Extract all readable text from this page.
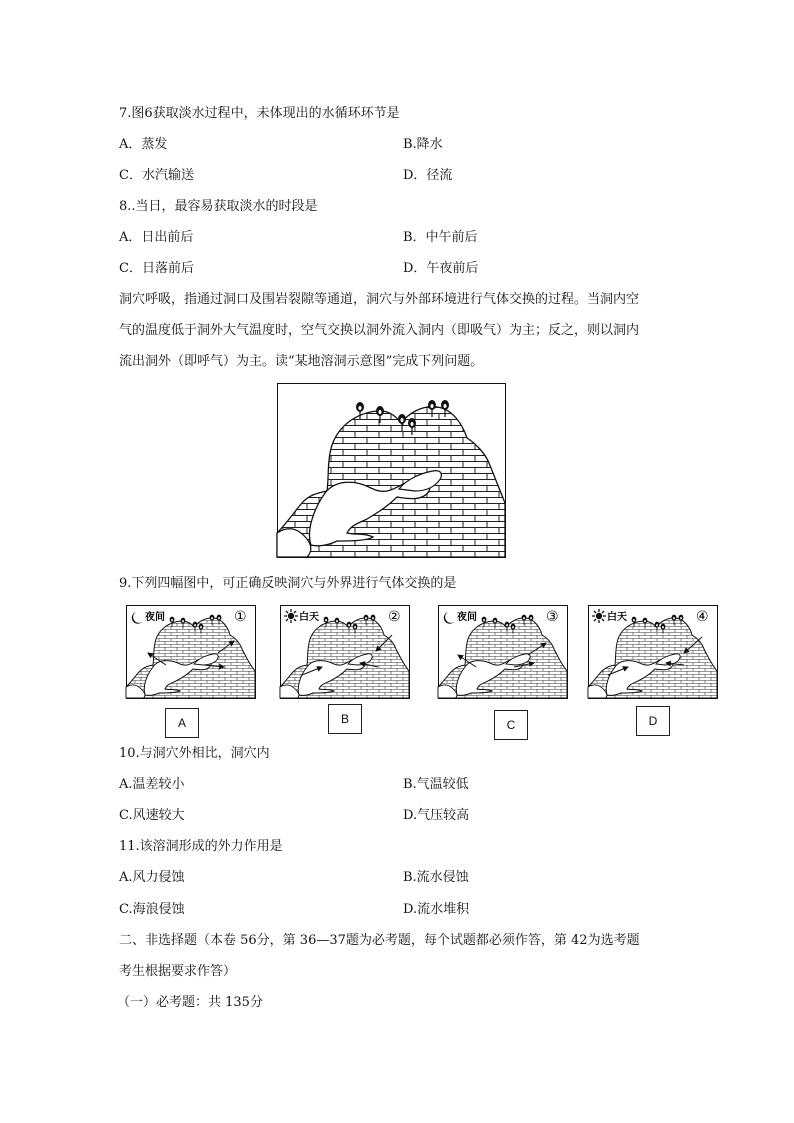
7.图6获取淡水过程中，未体现出的水循环环节是
A．蒸发	B.降水
C．水汽输送	D．径流
8..当日，最容易获取淡水的时段是
A．日出前后	B．中午前后
C．日落前后	D．午夜前后
洞穴呼吸，指通过洞口及围岩裂隙等通道，洞穴与外部环境进行气体交换的过程。当洞内空
气的温度低于洞外大气温度时，空气交换以洞外流入洞内（即吸气）为主；反之，则以洞内
流出洞外（即呼气）为主。读“某地溶洞示意图”完成下列问题。
9.下列四幅图中，可正确反映洞穴与外界进行气体交换的是
夜间	①	白天	②	夜间	③	白天	④
A	B	C	D
10.与洞穴外相比，洞穴内
A.温差较小	B.气温较低
C.风速较大	D.气压较高
11.该溶洞形成的外力作用是
A.风力侵蚀	B.流水侵蚀
C.海浪侵蚀	D.流水堆积
二、非选择题（本卷 56分，第 36—37题为必考题，每个试题都必须作答，第 42为选考题
考生根据要求作答）
（一）必考题：共 135分
